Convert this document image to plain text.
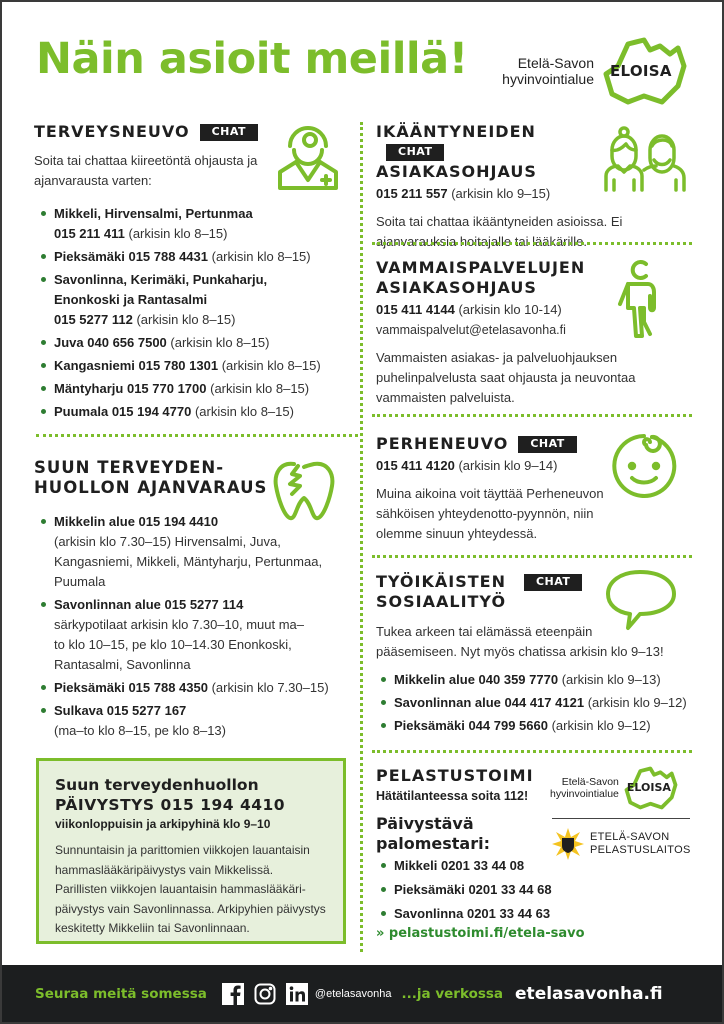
Näin asioit meillä!	Etelä-Savon
hyvinvointialue ELOISA
TERVEYSNEUVO CHAT
Soita tai chattaa kiireetöntä ohjausta ja ajanvarausta varten:
Mikkeli, Hirvensalmi, Pertunmaa
015 211 411 (arkisin klo 8–15)
Pieksämäki 015 788 4431 (arkisin klo 8–15)
Savonlinna, Kerimäki, Punkaharju, Enonkoski ja Rantasalmi
015 5277 112 (arkisin klo 8–15)
Juva 040 656 7500 (arkisin klo 8–15)
Kangasniemi 015 780 1301 (arkisin klo 8–15)
Mäntyharju 015 770 1700 (arkisin klo 8–15)
Puumala 015 194 4770 (arkisin klo 8–15)
SUUN TERVEYDEN-
HUOLLON AJANVARAUS
Mikkelin alue 015 194 4410
(arkisin klo 7.30–15) Hirvensalmi, Juva, Kangasniemi, Mikkeli, Mäntyharju, Pertunmaa, Puumala
Savonlinnan alue 015 5277 114
särkypotilaat arkisin klo 7.30–10, muut ma–to klo 10–15, pe klo 10–14.30 Enonkoski, Rantasalmi, Savonlinna
Pieksämäki 015 788 4350 (arkisin klo 7.30–15)
Sulkava 015 5277 167
(ma–to klo 8–15, pe klo 8–13)
Suun terveydenhuollon
PÄIVYSTYS 015 194 4410
viikonloppuisin ja arkipyhinä klo 9–10
Sunnuntaisin ja parittomien viikkojen lauantaisin hammaslääkäripäivystys vain Mikkelissä. Parillisten viikkojen lauantaisin hammaslääkäri-päivystys vain Savonlinnassa. Arkipyhien päivystys keskitetty Mikkeliin tai Savonlinnaan.
IKÄÄNTYNEIDENCHAT
ASIAKASOHJAUS
015 211 557 (arkisin klo 9–15)
Soita tai chattaa ikääntyneiden asioissa. Ei ajanvarauksia hoitajalle tai lääkärille.
VAMMAISPALVELUJEN
ASIAKASOHJAUS
015 411 4144 (arkisin klo 10-14)
vammaispalvelut@etelasavonha.fi
Vammaisten asiakas- ja palveluohjauksen puhelinpalvelusta saat ohjausta ja neuvontaa vammaisten palveluista.
PERHENEUVO CHAT
015 411 4120 (arkisin klo 9–14)
Muina aikoina voit täyttää Perheneuvon sähköisen yhteydenotto-pyynnön, niin olemme sinuun yhteydessä.
TYÖIKÄISTEN	CHAT
SOSIAALITYÖ
Tukea arkeen tai elämässä eteenpäin pääsemiseen. Nyt myös chatissa arkisin klo 9–13!
Mikkelin alue 040 359 7770 (arkisin klo 9–13)
Savonlinnan alue 044 417 4121 (arkisin klo 9–12)
Pieksämäki 044 799 5660 (arkisin klo 9–12)
PELASTUSTOIMI
Hätätilanteessa soita 112!
Päivystävä
palomestari:
Mikkeli 0201 33 44 08
Pieksämäki 0201 33 44 68
Savonlinna 0201 33 44 63
» pelastustoimi.fi/etela-savo
Etelä-Savon
hyvinvointialue ELOISA
ETELÄ-SAVON
PELASTUSLAITOS
Seuraa meitä somessa	@etelasavonha ...ja verkossa etelasavonha.fi
